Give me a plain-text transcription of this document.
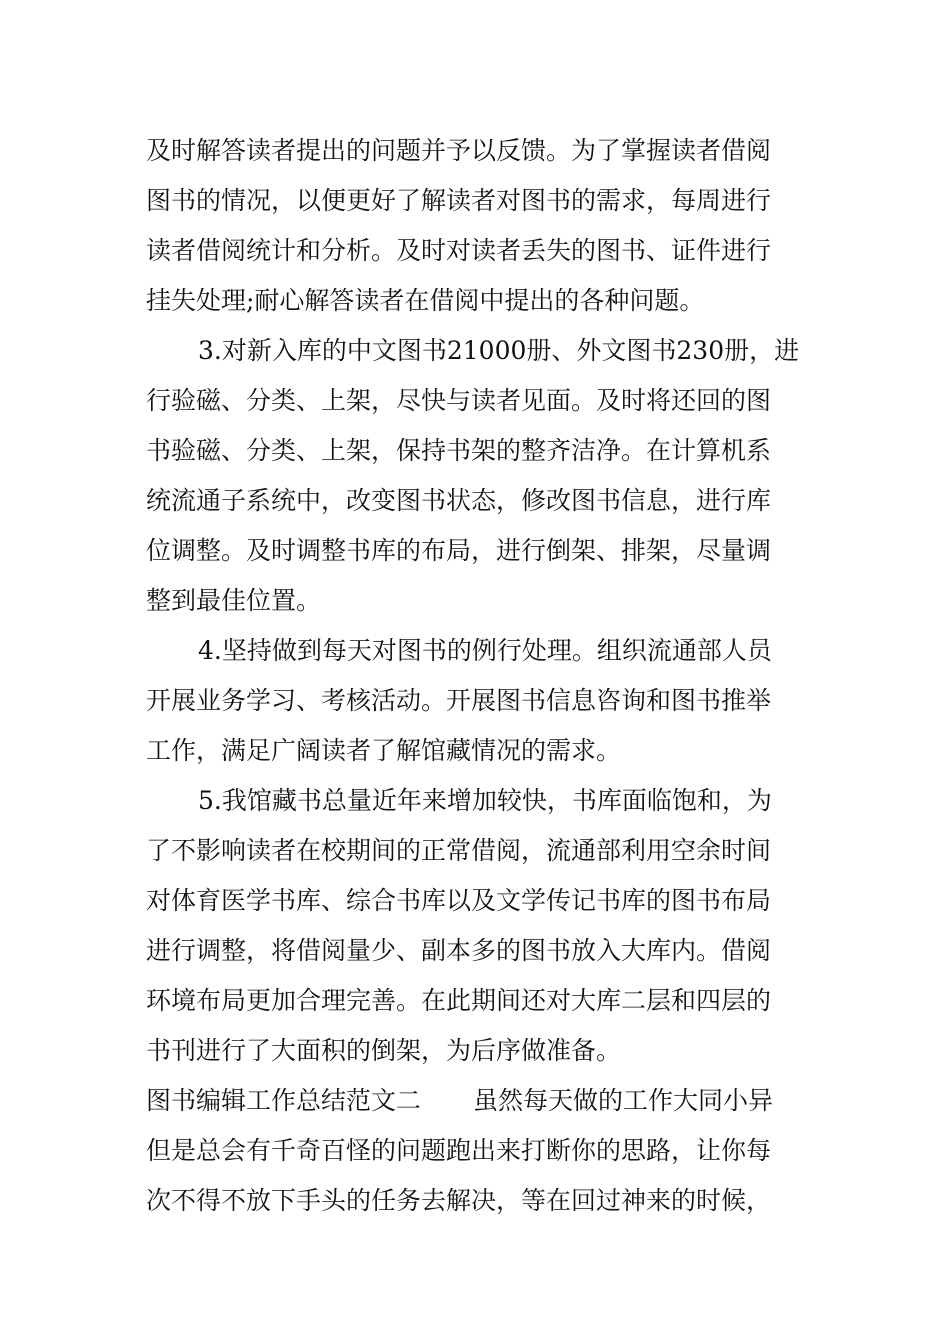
及时解答读者提出的问题并予以反馈。为了掌握读者借阅
图书的情况，以便更好了解读者对图书的需求，每周进行
读者借阅统计和分析。及时对读者丢失的图书、证件进行
挂失处理;耐心解答读者在借阅中提出的各种问题。
3.对新入库的中文图书21000册、外文图书230册，进
行验磁、分类、上架，尽快与读者见面。及时将还回的图
书验磁、分类、上架，保持书架的整齐洁净。在计算机系
统流通子系统中，改变图书状态，修改图书信息，进行库
位调整。及时调整书库的布局，进行倒架、排架，尽量调
整到最佳位置。
4.坚持做到每天对图书的例行处理。组织流通部人员
开展业务学习、考核活动。开展图书信息咨询和图书推举
工作，满足广阔读者了解馆藏情况的需求。
5.我馆藏书总量近年来增加较快，书库面临饱和，为
了不影响读者在校期间的正常借阅，流通部利用空余时间
对体育医学书库、综合书库以及文学传记书库的图书布局
进行调整，将借阅量少、副本多的图书放入大库内。借阅
环境布局更加合理完善。在此期间还对大库二层和四层的
书刊进行了大面积的倒架，为后序做准备。
图书编辑工作总结范文二 虽然每天做的工作大同小异
但是总会有千奇百怪的问题跑出来打断你的思路，让你每
次不得不放下手头的任务去解决，等在回过神来的时候，
